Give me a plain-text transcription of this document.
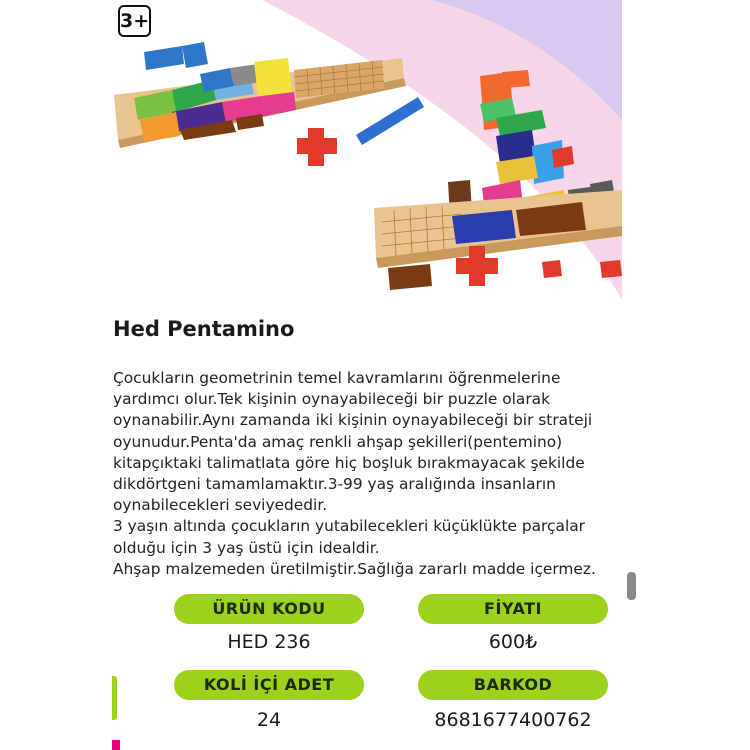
3+
Hed Pentamino
Çocukların geometrinin temel kavramlarını öğrenmelerine
yardımcı olur.Tek kişinin oynayabileceği bir puzzle olarak
oynanabilir.Aynı zamanda iki kişinin oynayabileceği bir strateji
oyunudur.Penta'da amaç renkli ahşap şekilleri(pentemino)
kitapçıktaki talimatlata göre hiç boşluk bırakmayacak şekilde
dikdörtgeni tamamlamaktır.3-99 yaş aralığında insanların
oynabilecekleri seviyededir.
3 yaşın altında çocukların yutabilecekleri küçüklükte parçalar
olduğu için 3 yaş üstü için idealdir.
Ahşap malzemeden üretilmiştir.Sağlığa zararlı madde içermez.
ÜRÜN KODU
HED 236
FİYATI
600₺
KOLİ İÇİ ADET
24
BARKOD
8681677400762
